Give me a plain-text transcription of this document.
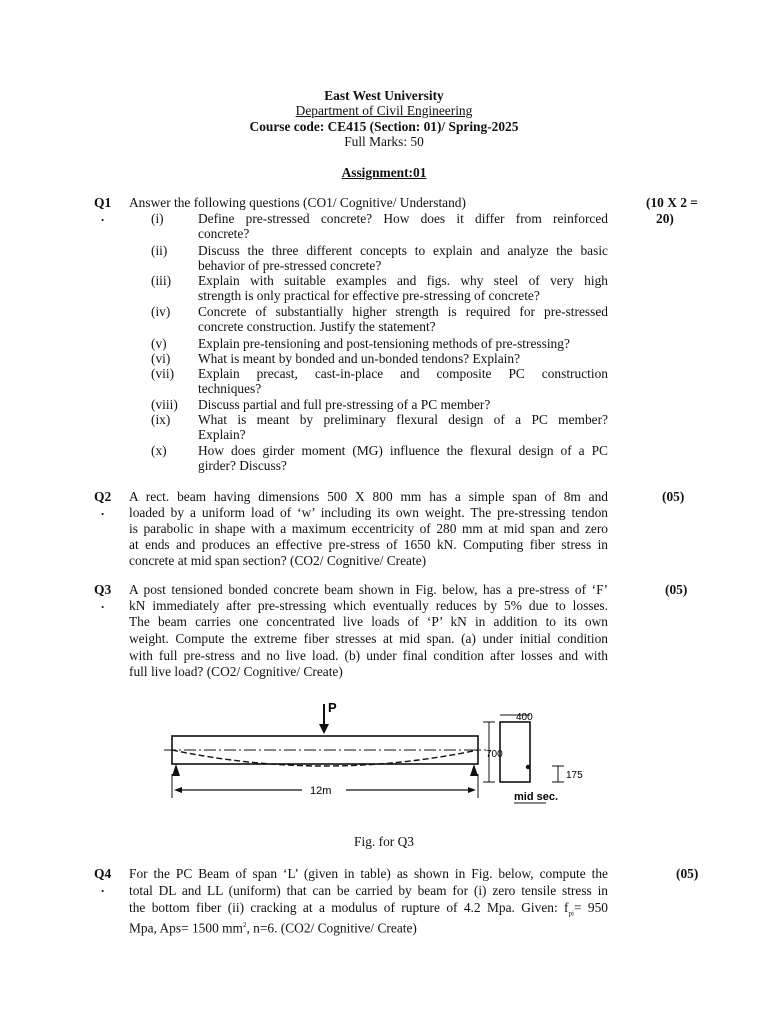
East West University
Department of Civil Engineering
Course code: CE415 (Section: 01)/ Spring-2025
Full Marks: 50
Assignment:01
Q1
.
Answer the following questions (CO1/ Cognitive/ Understand)	(10 X 2 =
20)
(i)	Define pre-stressed concrete? How does it differ from reinforced
concrete?
(ii) Discuss the three different concepts to explain and analyze the basic
behavior of pre-stressed concrete?
(iii) Explain with suitable examples and figs. why steel of very high
strength is only practical for effective pre-stressing of concrete?
(iv) Concrete of substantially higher strength is required for pre-stressed
concrete construction. Justify the statement?
(v) Explain pre-tensioning and post-tensioning methods of pre-stressing?
(vi) What is meant by bonded and un-bonded tendons? Explain?
(vii) Explain precast, cast-in-place and composite PC construction
techniques?
(viii) Discuss partial and full pre-stressing of a PC member?
(ix) What is meant by preliminary flexural design of a PC member?
Explain?
(x) How does girder moment (MG) influence the flexural design of a PC
girder? Discuss?
Q2
.
(05)
A rect. beam having dimensions 500 X 800 mm has a simple span of 8m and
loaded by a uniform load of ‘w’ including its own weight. The pre-stressing tendon
is parabolic in shape with a maximum eccentricity of 280 mm at mid span and zero
at ends and produces an effective pre-stress of 1650 kN. Computing fiber stress in
concrete at mid span section? (CO2/ Cognitive/ Create)
Q3
.
(05)
A post tensioned bonded concrete beam shown in Fig. below, has a pre-stress of ‘F’
kN immediately after pre-stressing which eventually reduces by 5% due to losses.
The beam carries one concentrated live loads of ‘P’ kN in addition to its own
weight. Compute the extreme fiber stresses at mid span. (a) under initial condition
with full pre-stress and no live load. (b) under final condition after losses and with
full live load? (CO2/ Cognitive/ Create)
P
12m
700
400
175
mid sec.
Fig. for Q3
Q4
.
(05)
For the PC Beam of span ‘L’ (given in table) as shown in Fig. below, compute the
total DL and LL (uniform) that can be carried by beam for (i) zero tensile stress in
the bottom fiber (ii) cracking at a modulus of rupture of 4.2 Mpa. Given: $f_{pi}= 950$
Mpa, Aps= 1500 $mm^2$, n=6. (CO2/ Cognitive/ Create)
